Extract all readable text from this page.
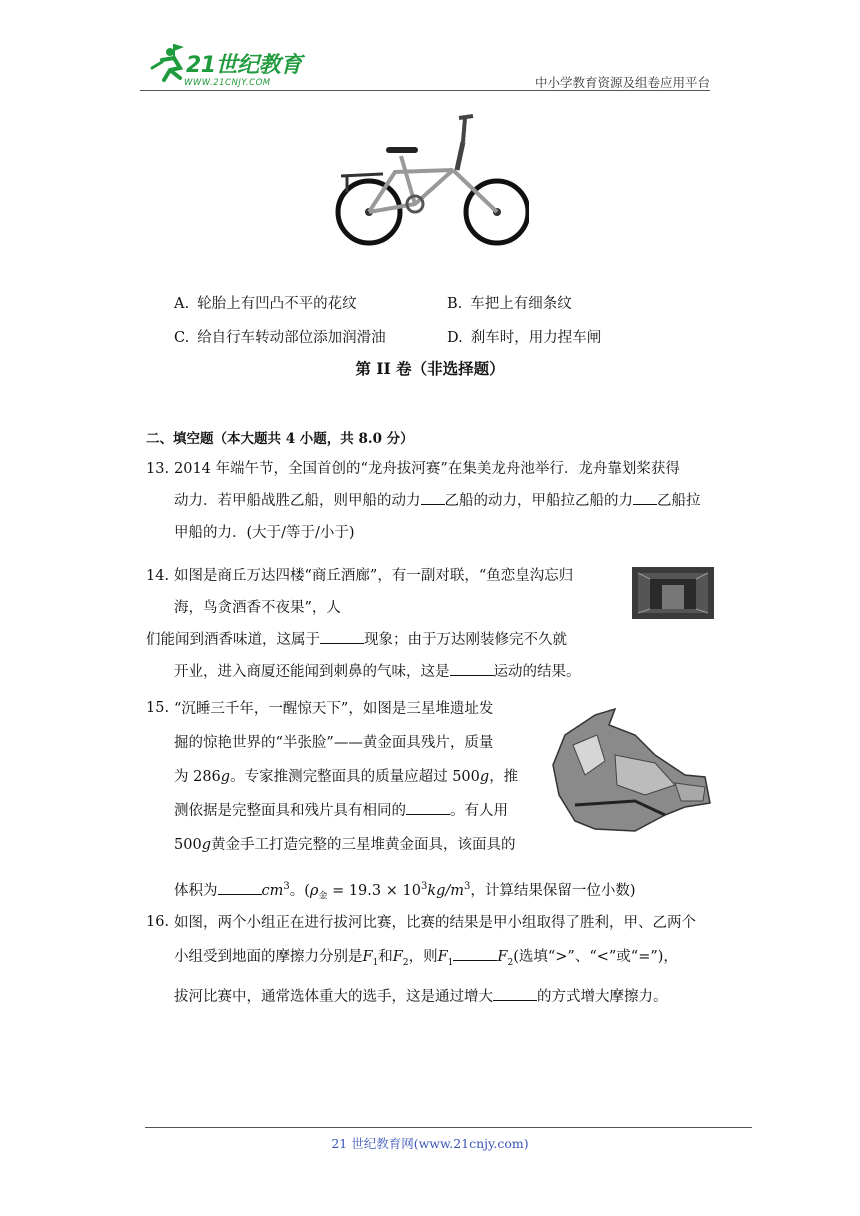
21世纪教育
WWW.21CNJY.COM	中小学教育资源及组卷应用平台
A. 轮胎上有凹凸不平的花纹	B. 车把上有细条纹
C. 给自行车转动部位添加润滑油	D. 刹车时，用力捏车闸
第 II 卷（非选择题）
二、填空题（本大题共 4 小题，共 8.0 分）
13. 2014 年端午节，全国首创的“龙舟拔河赛”在集美龙舟池举行．龙舟靠划桨获得
动力．若甲船战胜乙船，则甲船的动力 乙船的动力，甲船拉乙船的力 乙船拉
甲船的力．(大于/等于/小于)
14. 如图是商丘万达四楼“商丘酒廊”，有一副对联，“鱼恋皇沟忘归
海，鸟贪酒香不夜果”，人
们能闻到酒香味道，这属于	现象；由于万达刚装修完不久就
开业，进入商厦还能闻到刺鼻的气味，这是	运动的结果。
15. “沉睡三千年，一醒惊天下”，如图是三星堆遗址发
掘的惊艳世界的“半张脸”——黄金面具残片，质量
为 286g。专家推测完整面具的质量应超过 500g，推
测依据是完整面具和残片具有相同的	。有人用
500g黄金手工打造完整的三星堆黄金面具，该面具的
体积为	$cm^3$。($\rho_金 = 19.3 \times 10^3kg/m^3$，计算结果保留一位小数)
16. 如图，两个小组正在进行拔河比赛，比赛的结果是甲小组取得了胜利，甲、乙两个
小组受到地面的摩擦力分别是$F_1$和$F_2$，则$F_1$	$F_2$(选填“>”、“<”或“=”)，
拔河比赛中，通常选体重大的选手，这是通过增大	的方式增大摩擦力。
21 世纪教育网(www.21cnjy.com)
